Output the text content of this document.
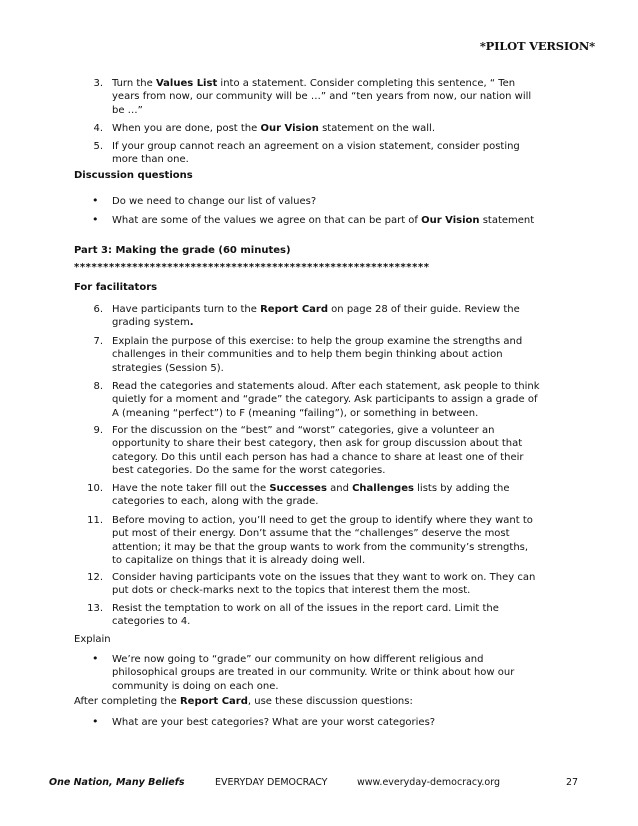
*PILOT VERSION*
3. Turn the Values List into a statement. Consider completing this sentence, “ Ten
years from now, our community will be …” and “ten years from now, our nation will
be …”
4. When you are done, post the Our Vision statement on the wall.
5. If your group cannot reach an agreement on a vision statement, consider posting
more than one.
Discussion questions
• Do we need to change our list of values?
• What are some of the values we agree on that can be part of Our Vision statement
Part 3: Making the grade (60 minutes)
*************************************************************
For facilitators
6. Have participants turn to the Report Card on page 28 of their guide. Review the
grading system.
7. Explain the purpose of this exercise: to help the group examine the strengths and
challenges in their communities and to help them begin thinking about action
strategies (Session 5).
8. Read the categories and statements aloud. After each statement, ask people to think
quietly for a moment and “grade” the category. Ask participants to assign a grade of
A (meaning “perfect”) to F (meaning “failing”), or something in between.
9. For the discussion on the “best” and “worst” categories, give a volunteer an
opportunity to share their best category, then ask for group discussion about that
category. Do this until each person has had a chance to share at least one of their
best categories. Do the same for the worst categories.
10. Have the note taker fill out the Successes and Challenges lists by adding the
categories to each, along with the grade.
11. Before moving to action, you’ll need to get the group to identify where they want to
put most of their energy. Don’t assume that the “challenges” deserve the most
attention; it may be that the group wants to work from the community’s strengths,
to capitalize on things that it is already doing well.
12. Consider having participants vote on the issues that they want to work on. They can
put dots or check-marks next to the topics that interest them the most.
13. Resist the temptation to work on all of the issues in the report card. Limit the
categories to 4.
Explain
• We’re now going to “grade” our community on how different religious and
philosophical groups are treated in our community. Write or think about how our
community is doing on each one.
After completing the Report Card, use these discussion questions:
• What are your best categories? What are your worst categories?
One Nation, Many Beliefs	EVERYDAY DEMOCRACY	www.everyday-democracy.org	27
